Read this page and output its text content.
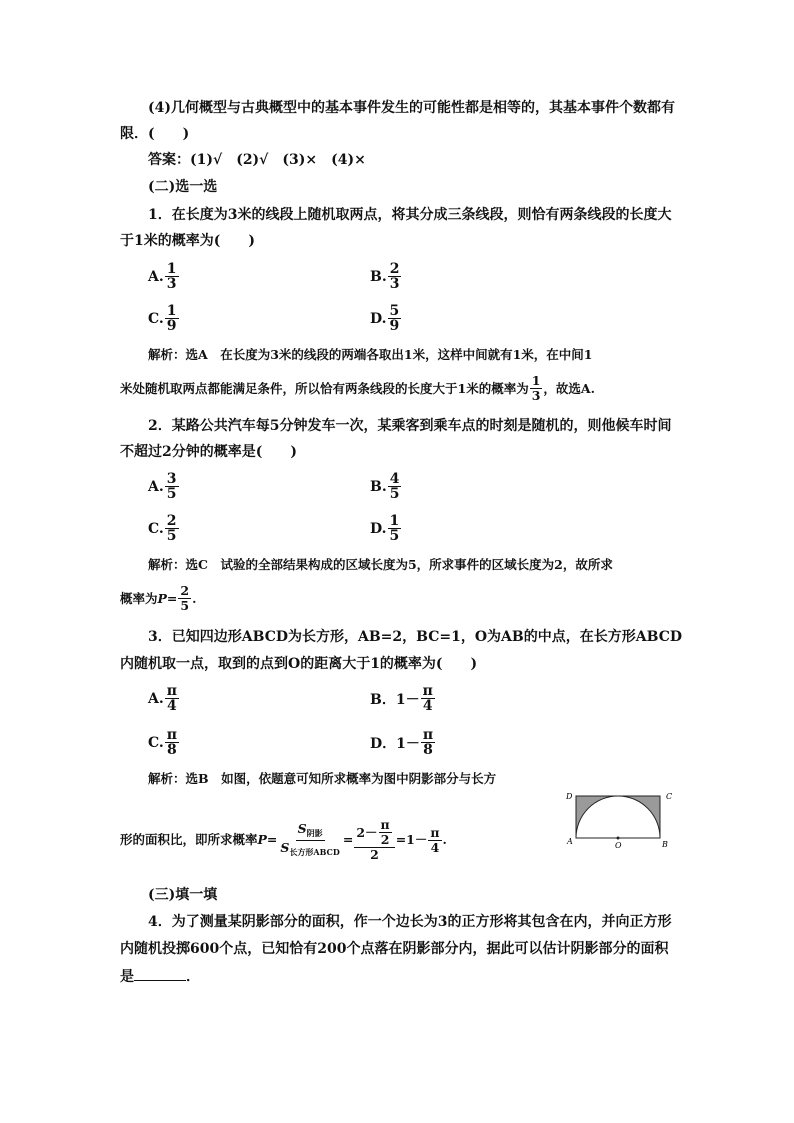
(4)几何概型与古典概型中的基本事件发生的可能性都是相等的，其基本事件个数都有
限．(　　)
答案：(1)√　(2)√　(3)×　(4)×
(二)选一选
1．在长度为3米的线段上随机取两点，将其分成三条线段，则恰有两条线段的长度大
于1米的概率为(　　)
A. $\frac{1}{3}$	B. $\frac{2}{3}$
C. $\frac{1}{9}$	D. $\frac{5}{9}$
解析：选A　在长度为3米的线段的两端各取出1米，这样中间就有1米，在中间1
米处随机取两点都能满足条件，所以恰有两条线段的长度大于1米的概率为 $\frac{1}{3}$ ，故选A.
2．某路公共汽车每5分钟发车一次，某乘客到乘车点的时刻是随机的，则他候车时间
不超过2分钟的概率是(　　)
A. $\frac{3}{5}$	B. $\frac{4}{5}$
C. $\frac{2}{5}$	D. $\frac{1}{5}$
解析：选C　试验的全部结果构成的区域长度为5，所求事件的区域长度为2，故所求
概率为 $P = \frac{2}{5}$ .
3．已知四边形ABCD为长方形，AB=2，BC=1，O为AB的中点，在长方形ABCD
内随机取一点，取到的点到O的距离大于1的概率为(　　)
A. $\frac{\pi}{4}$	B． $1- \frac{\pi}{4}$
C. $\frac{\pi}{8}$	D． $1- \frac{\pi}{8}$
解析：选B　如图，依题意可知所求概率为图中阴影部分与长方
形的面积比，即所求概率 $P = \frac{S_{阴影}}{S_{长方形ABCD}} = \frac{2- \frac{\pi}{2}}{2} =1- \frac{\pi}{4}$ .
D	C
A	B
O
(三)填一填
4．为了测量某阴影部分的面积，作一个边长为3的正方形将其包含在内，并向正方形
内随机投掷600个点，已知恰有200个点落在阴影部分内，据此可以估计阴影部分的面积
是	．
